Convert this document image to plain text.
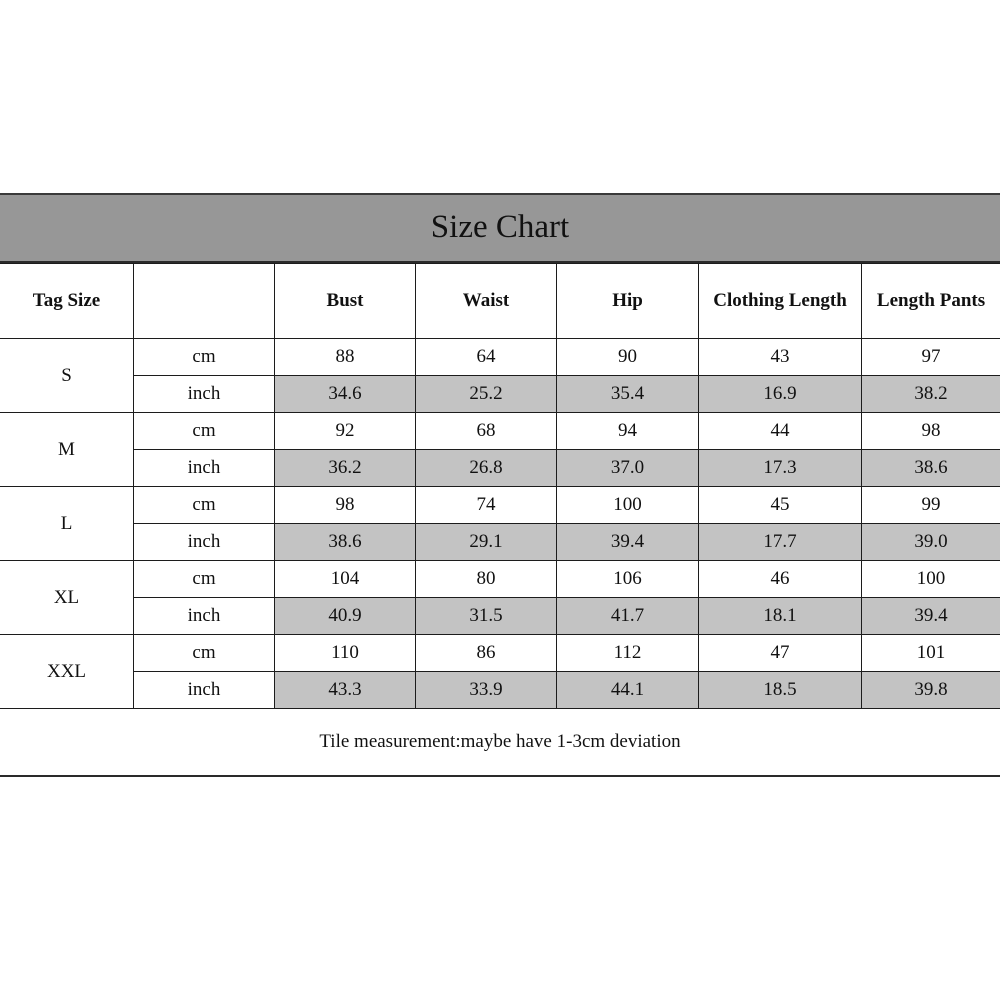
Size Chart
Tag Size		Bust	Waist	Hip	Clothing Length	Length Pants
S	cm	88	64	90	43	97
	inch	34.6	25.2	35.4	16.9	38.2
M	cm	92	68	94	44	98
	inch	36.2	26.8	37.0	17.3	38.6
L	cm	98	74	100	45	99
	inch	38.6	29.1	39.4	17.7	39.0
XL	cm	104	80	106	46	100
	inch	40.9	31.5	41.7	18.1	39.4
XXL	cm	110	86	112	47	101
	inch	43.3	33.9	44.1	18.5	39.8
Tile measurement:maybe have 1-3cm deviation
